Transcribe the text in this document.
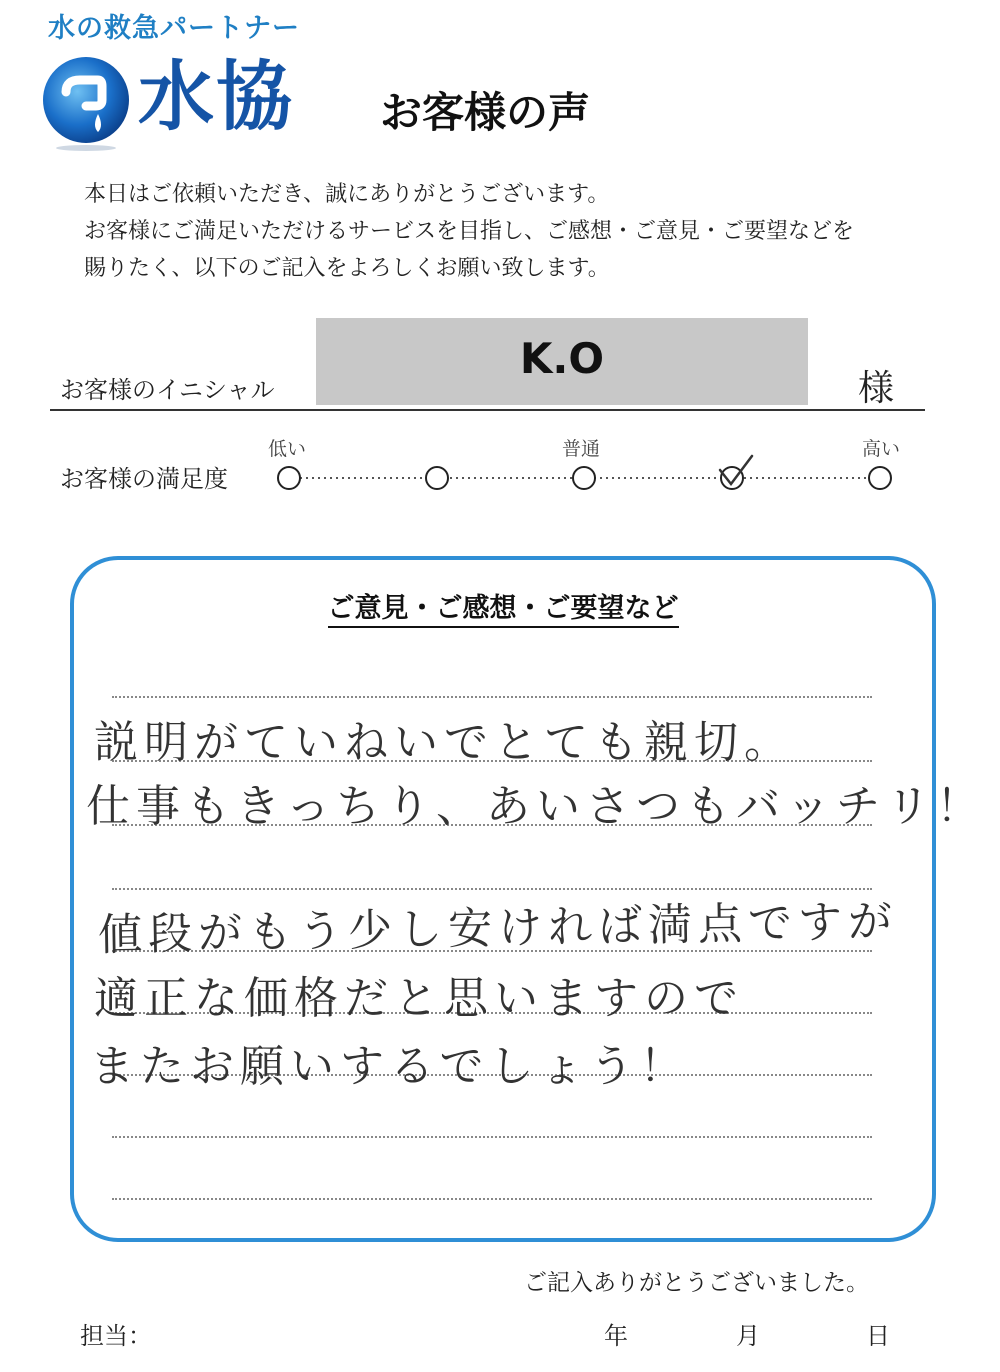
水の救急パートナー
水協 お客様の声
本日はご依頼いただき、誠にありがとうございます。
お客様にご満足いただけるサービスを目指し、ご感想・ご意見・ご要望などを
賜りたく、以下のご記入をよろしくお願い致します。
お客様のイニシャル
K.O
様
お客様の満足度
低い	普通	高い
ご意見・ご感想・ご要望など
説明がていねいでとても親切。
仕事もきっちり、あいさつもバッチリ！
値段がもう少し安ければ満点ですが
適正な価格だと思いますので
またお願いするでしょう！
ご記入ありがとうございました。
担当：	年	月	日
